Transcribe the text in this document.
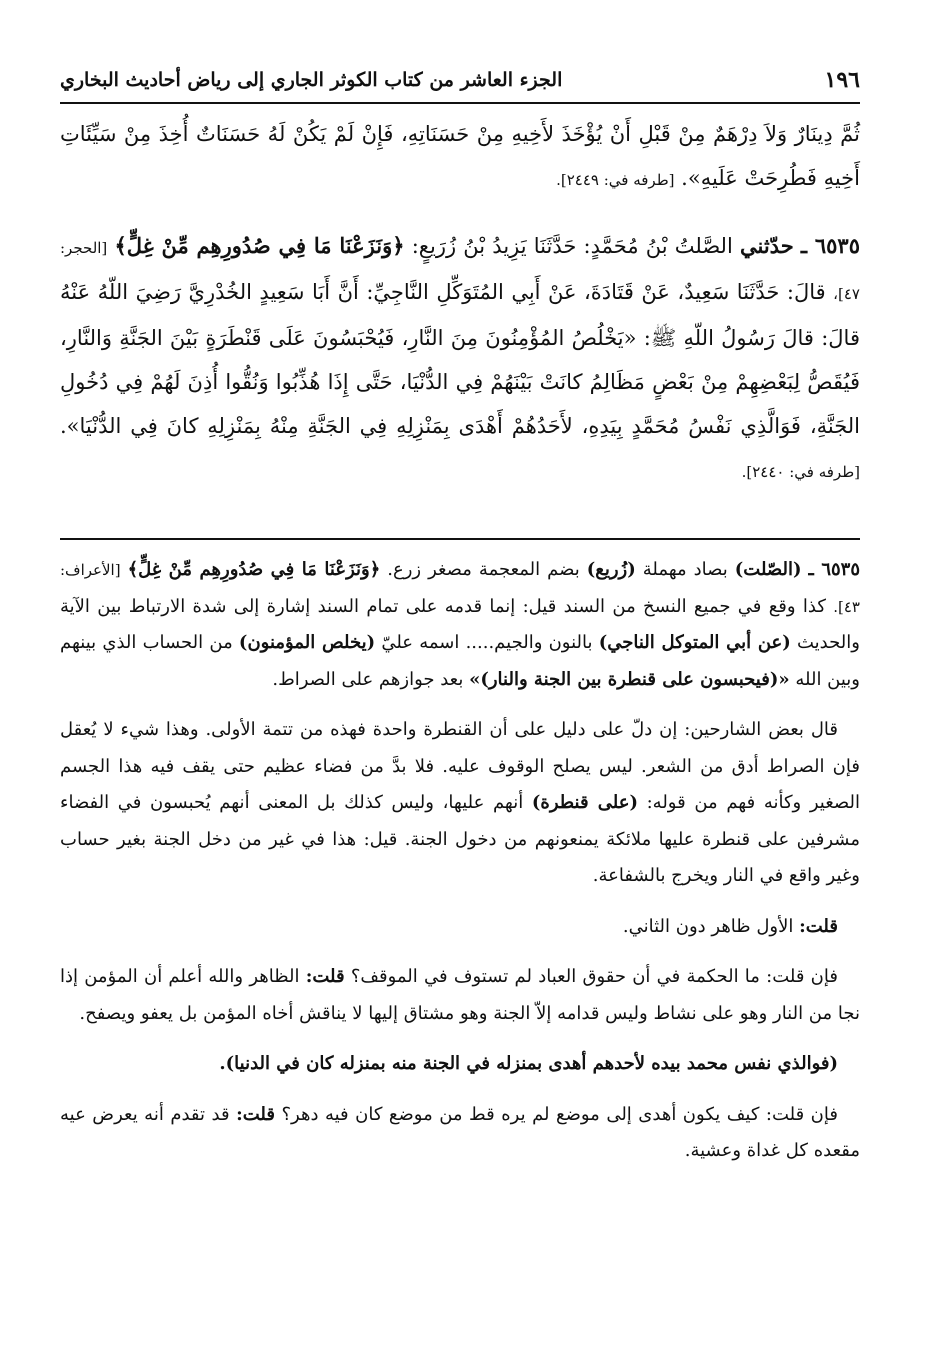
١٩٦
الجزء العاشر من كتاب الكوثر الجاري إلى رياض أحاديث البخاري

ثُمَّ دِينَارٌ وَلاَ دِرْهَمٌ مِنْ قَبْلِ أَنْ يُؤْخَذَ لأَخِيهِ مِنْ حَسَنَاتِهِ، فَإِنْ لَمْ يَكُنْ لَهُ حَسَنَاتٌ أُخِذَ مِنْ سَيِّئَاتِ أَخِيهِ فَطُرِحَتْ عَلَيهِ». [طرفه في: ٢٤٤٩].

٦٥٣٥ ـ حدّثني الصَّلتُ بْنُ مُحَمَّدٍ: حَدَّثَنَا يَزِيدُ بْنُ زُرَيعٍ: ﴿وَنَزَعْنَا مَا فِي صُدُورِهِم مِّنْ غِلٍّ﴾ [الحجر: ٤٧]، قالَ: حَدَّثَنَا سَعِيدٌ، عَنْ قَتَادَةَ، عَنْ أَبِي المُتَوَكِّلِ النَّاجِيِّ: أَنَّ أَبَا سَعِيدٍ الخُدْرِيَّ رَضِيَ اللّهُ عَنْهُ قالَ: قالَ رَسُولُ اللّهِ ﷺ: «يَخْلُصُ المُؤْمِنُونَ مِنَ النَّارِ، فَيُحْبَسُونَ عَلَى قَنْطَرَةٍ بَيْنَ الجَنَّةِ وَالنَّارِ، فَيُقَصُّ لِبَعْضِهِمْ مِنْ بَعْضٍ مَظَالِمُ كانَتْ بَيْنَهُمْ فِي الدُّنْيَا، حَتَّى إِذَا هُذِّبُوا وَنُقُّوا أُذِنَ لَهُمْ فِي دُخُولِ الجَنَّةِ، فَوَالَّذِي نَفْسُ مُحَمَّدٍ بِيَدِهِ، لأَحَدُهُمْ أَهْدَى بِمَنْزِلِهِ فِي الجَنَّةِ مِنْهُ بِمَنْزِلِهِ كانَ فِي الدُّنْيَا». [طرفه في: ٢٤٤٠].

٦٥٣٥ ـ (الصّلت) بصاد مهملة (زُريع) بضم المعجمة مصغر زرع. ﴿وَنَزَعْنَا مَا فِي صُدُورِهِم مِّنْ غِلٍّ﴾ [الأعراف: ٤٣]. كذا وقع في جميع النسخ من السند قيل: إنما قدمه على تمام السند إشارة إلى شدة الارتباط بين الآية والحديث (عن أبي المتوكل الناجي) بالنون والجيم..... اسمه عليّ (يخلص المؤمنون) من الحساب الذي بينهم وبين الله «(فيحبسون على قنطرة بين الجنة والنار)» بعد جوازهم على الصراط.

قال بعض الشارحين: إن دلّ على دليل على أن القنطرة واحدة فهذه من تتمة الأولى. وهذا شيء لا يُعقل فإن الصراط أدق من الشعر. ليس يصلح الوقوف عليه. فلا بدَّ من فضاء عظيم حتى يقف فيه هذا الجسم الصغير وكأنه فهم من قوله: (على قنطرة) أنهم عليها، وليس كذلك بل المعنى أنهم يُحبسون في الفضاء مشرفين على قنطرة عليها ملائكة يمنعونهم من دخول الجنة. قيل: هذا في غير من دخل الجنة بغير حساب وغير واقع في النار ويخرج بالشفاعة.

قلت: الأول ظاهر دون الثاني.

فإن قلت: ما الحكمة في أن حقوق العباد لم تستوف في الموقف؟ قلت: الظاهر والله أعلم أن المؤمن إذا نجا من النار وهو على نشاط وليس قدامه إلاّ الجنة وهو مشتاق إليها لا يناقش أخاه المؤمن بل يعفو ويصفح.

(فوالذي نفس محمد بيده لأحدهم أهدى بمنزله في الجنة منه بمنزله كان في الدنيا).

فإن قلت: كيف يكون أهدى إلى موضع لم يره قط من موضع كان فيه دهر؟ قلت: قد تقدم أنه يعرض عيه مقعده كل غداة وعشية.
